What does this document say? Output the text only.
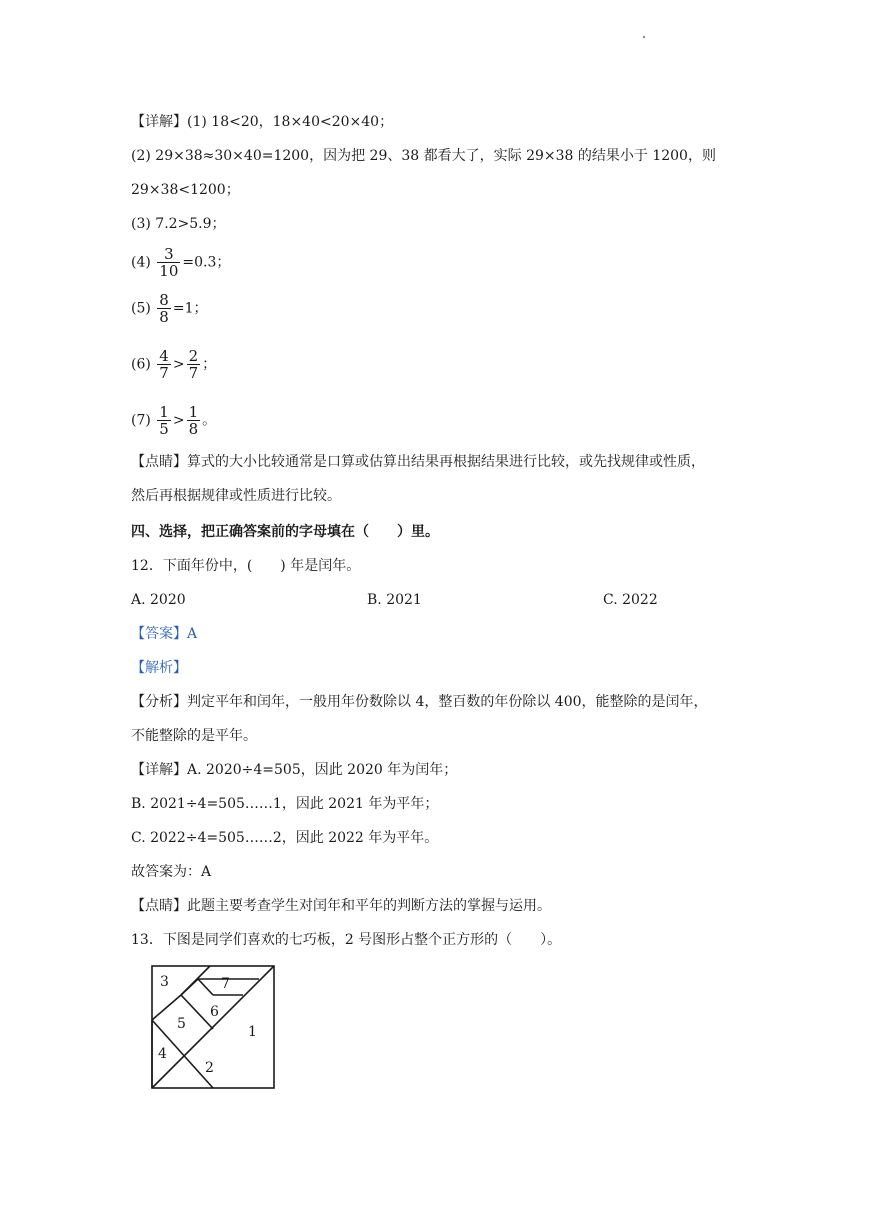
【详解】(1) 18<20，18×40<20×40；
(2) 29×38≈30×40=1200，因为把 29、38 都看大了，实际 29×38 的结果小于 1200，则
29×38<1200；
(3) 7.2>5.9；
$(4) \frac{3}{10} =0.3$；
$(5) \frac{8}{8} =1$；
$(6) \frac{4}{7} > \frac{2}{7}$ ；
$(7) \frac{1}{5} > \frac{1}{8}$ 。
【点睛】算式的大小比较通常是口算或估算出结果再根据结果进行比较，或先找规律或性质，
然后再根据规律或性质进行比较。
四、选择，把正确答案前的字母填在（　　）里。
12．下面年份中，(　　) 年是闰年。
A. 2020	B. 2021	C. 2022
【答案】A
【解析】
【分析】判定平年和闰年，一般用年份数除以 4，整百数的年份除以 400，能整除的是闰年，
不能整除的是平年。
【详解】A. 2020÷4=505，因此 2020 年为闰年；
B. 2021÷4=505……1，因此 2021 年为平年；
C. 2022÷4=505……2，因此 2022 年为平年。
故答案为：A
【点睛】此题主要考查学生对闰年和平年的判断方法的掌握与运用。
13．下图是同学们喜欢的七巧板，2 号图形占整个正方形的（　　）。
3	7
6
5	1
4
2
